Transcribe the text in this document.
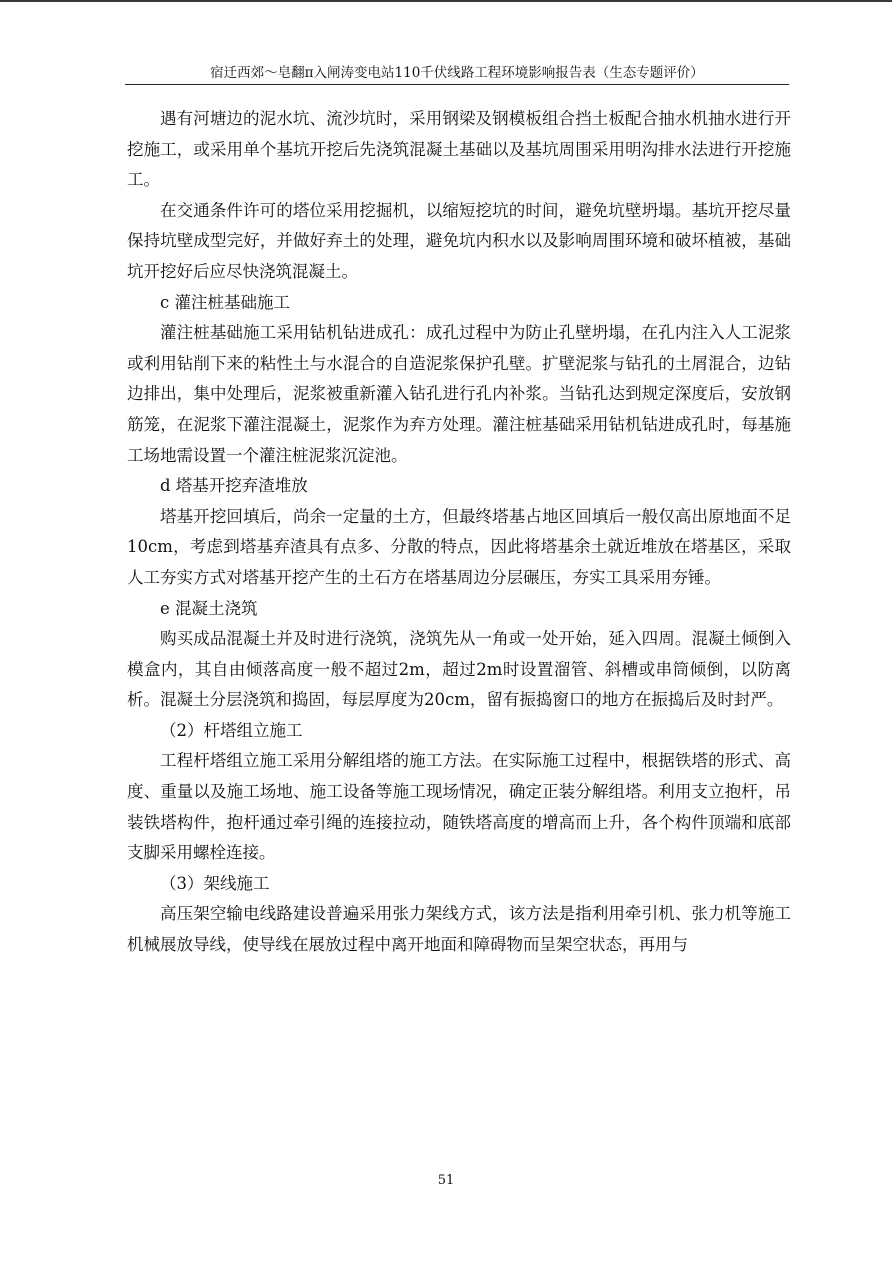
宿迁西郊～皂翻π入闸涛变电站110千伏线路工程环境影响报告表（生态专题评价）

遇有河塘边的泥水坑、流沙坑时，采用钢梁及钢模板组合挡土板配合抽水机抽水进行开挖施工，或采用单个基坑开挖后先浇筑混凝土基础以及基坑周围采用明沟排水法进行开挖施工。

在交通条件许可的塔位采用挖掘机，以缩短挖坑的时间，避免坑壁坍塌。基坑开挖尽量保持坑壁成型完好，并做好弃土的处理，避免坑内积水以及影响周围环境和破坏植被，基础坑开挖好后应尽快浇筑混凝土。

c 灌注桩基础施工

灌注桩基础施工采用钻机钻进成孔：成孔过程中为防止孔壁坍塌，在孔内注入人工泥浆或利用钻削下来的粘性土与水混合的自造泥浆保护孔壁。扩壁泥浆与钻孔的土屑混合，边钻边排出，集中处理后，泥浆被重新灌入钻孔进行孔内补浆。当钻孔达到规定深度后，安放钢筋笼，在泥浆下灌注混凝土，泥浆作为弃方处理。灌注桩基础采用钻机钻进成孔时，每基施工场地需设置一个灌注桩泥浆沉淀池。

d 塔基开挖弃渣堆放

塔基开挖回填后，尚余一定量的土方，但最终塔基占地区回填后一般仅高出原地面不足10cm，考虑到塔基弃渣具有点多、分散的特点，因此将塔基余土就近堆放在塔基区，采取人工夯实方式对塔基开挖产生的土石方在塔基周边分层碾压，夯实工具采用夯锤。

e 混凝土浇筑

购买成品混凝土并及时进行浇筑，浇筑先从一角或一处开始，延入四周。混凝土倾倒入模盒内，其自由倾落高度一般不超过2m，超过2m时设置溜管、斜槽或串筒倾倒，以防离析。混凝土分层浇筑和捣固，每层厚度为20cm，留有振捣窗口的地方在振捣后及时封严。

（2）杆塔组立施工

工程杆塔组立施工采用分解组塔的施工方法。在实际施工过程中，根据铁塔的形式、高度、重量以及施工场地、施工设备等施工现场情况，确定正装分解组塔。利用支立抱杆，吊装铁塔构件，抱杆通过牵引绳的连接拉动，随铁塔高度的增高而上升，各个构件顶端和底部支脚采用螺栓连接。

（3）架线施工

高压架空输电线路建设普遍采用张力架线方式，该方法是指利用牵引机、张力机等施工机械展放导线，使导线在展放过程中离开地面和障碍物而呈架空状态，再用与

51
